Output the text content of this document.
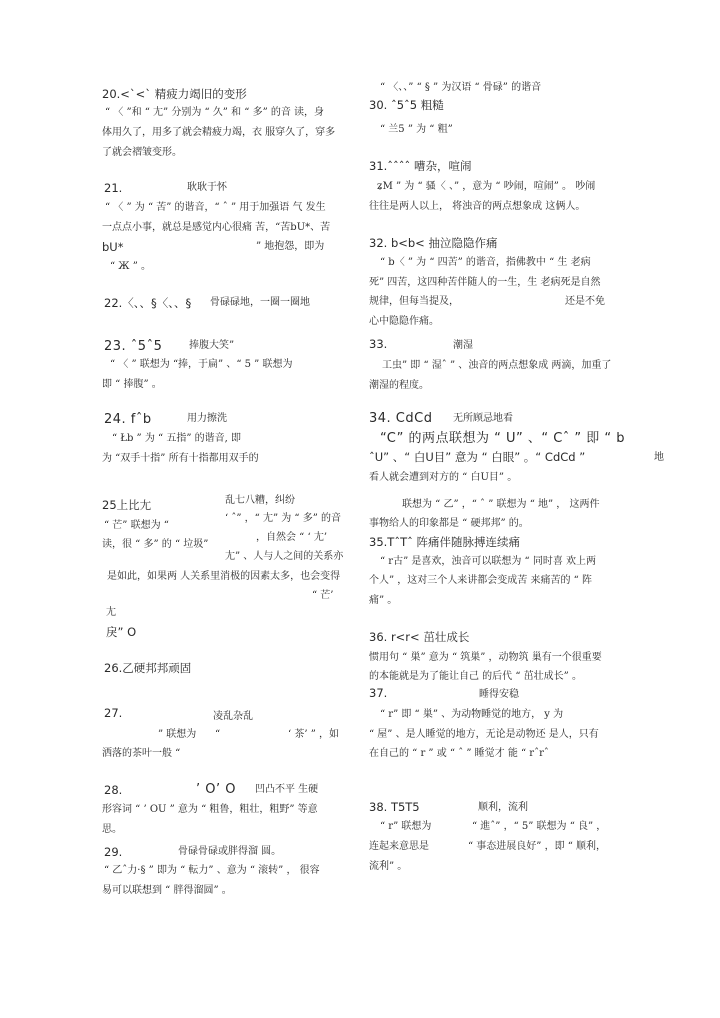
20.<`<` 精疲力竭旧的变形
“ 〈 ”和 “ 尢” 分别为 “ 久” 和 “ 多” 的音 读，身
体用久了，用多了就会精疲力竭，衣 服穿久了，穿多
了就会褶皱变形。
21.	耿耿于怀
“ 〈 ” 为 “ 苦” 的谐音，“ ˆ ” 用于加强语 气 发生
一点点小事，就总是感觉内心很痛 苦，“苦bU*、苦
bU*	” 地抱怨，即为
“ Ж ” 。
22.〈、、§〈、、§ 骨碌碌地，一圈一圈地
23. ˆ5ˆ5	捧腹大笑”
“ 〈 ” 联想为 “捧，于扁” 、“ 5 ” 联想为
即 “ 捧腹” 。
24. fˆb	用力擦洗
“ Łb ” 为 “ 五指” 的谐音, 即
为 “双手十指” 所有十指都用双手的
25上比尢	乱七八糟，纠纷
‘ ˆ” ，“ 尢” 为 “ 多” 的音
“ 芒” 联想为 “
，自然会 “ ‘ 尢’
读，很 “ 多” 的 “ 垃圾”
尢” 、人与人之间的关系亦
是如此，如果两 人关系里消极的因素太多，也会变得
“ 芒’
尢
戾” O
26.乙硬邦邦顽固
27.	凌乱杂乱
” 联想为 “	‘ 茶’ ” ，如
洒落的茶叶一般 “
28.	’ O’ O 凹凸不平 生硬
形容词 “ ’ OU ” 意为 “ 粗鲁，粗壮，粗野” 等意
思。
29.	骨碌骨碌或胖得溜 圆。
“ 乙ˆ力·§ ” 即为 “ 転力” 、意为 “ 滚转” ， 很容
易可以联想到 “ 胖得溜圆” 。
“ 〈、、” “ § ” 为汉语 “ 骨碌” 的谐音
30. ˆ5ˆ5 粗糙
“ 兰5 ” 为 “ 粗”
31.ˆˆˆˆ 嘈杂，喧闹
ʑM ” 为 “ 骚〈 、” ，意为 “ 吵闹，喧闹” 。 吵闹
往往是两人以上， 将浊音的两点想象成 这俩人。
32. b<b< 抽泣隐隐作痛
“ b〈 ” 为 “ 四苦” 的谐音，指佛教中 “ 生 老病
死” 四苦，这四种苦伴随人的一生，生 老病死是自然
规律，但每当提及，	还是不免
心中隐隐作痛。
33.	潮湿
工虫” 即 “ 湿ˆ ” 、浊音的两点想象成 两滴，加重了
潮湿的程度。
34. CdCd 无所顾忌地看
“C” 的两点联想为 “ U” 、“ Cˆ ” 即 “ b
ˆU” 、“ 白U目” 意为 “ 白眼” 。“ CdCd ”	地
看人就会遭到对方的 “ 白U目” 。
联想为 “ 乙” ，“ ˆ ” 联想为 “ 地” ， 这两件
事物给人的印象都是 “ 硬邦邦” 的。
35.TˆTˆ 阵痛伴随脉搏连续痛
“ r古” 是喜欢，浊音可以联想为 “ 同时喜 欢上两
个人” ，这对三个人来讲都会变成苦 来痛苦的 “ 阵
痛” 。
36. r<r< 茁壮成长
惯用句 “ 巣” 意为 “ 筑巣” ，动物筑 巢有一个很重要
的本能就是为了能让自己 的后代 “ 茁壮成长” 。
37.	睡得安稳
“ r” 即 “ 巣” 、为动物睡觉的地方， y 为
“ 屋” 、是人睡觉的地方，无论是动物还 是人，只有
在自己的 “ r ” 或 “ ˆ ” 睡觉才 能 “ rˆrˆ
38. T5T5	顺利，流利
“ r” 联想为	“ 進ˆ” ，“ 5” 联想为 “ 良” ，
连起来意思是	“ 事态进展良好” ，即 “ 顺利，
流利” 。
